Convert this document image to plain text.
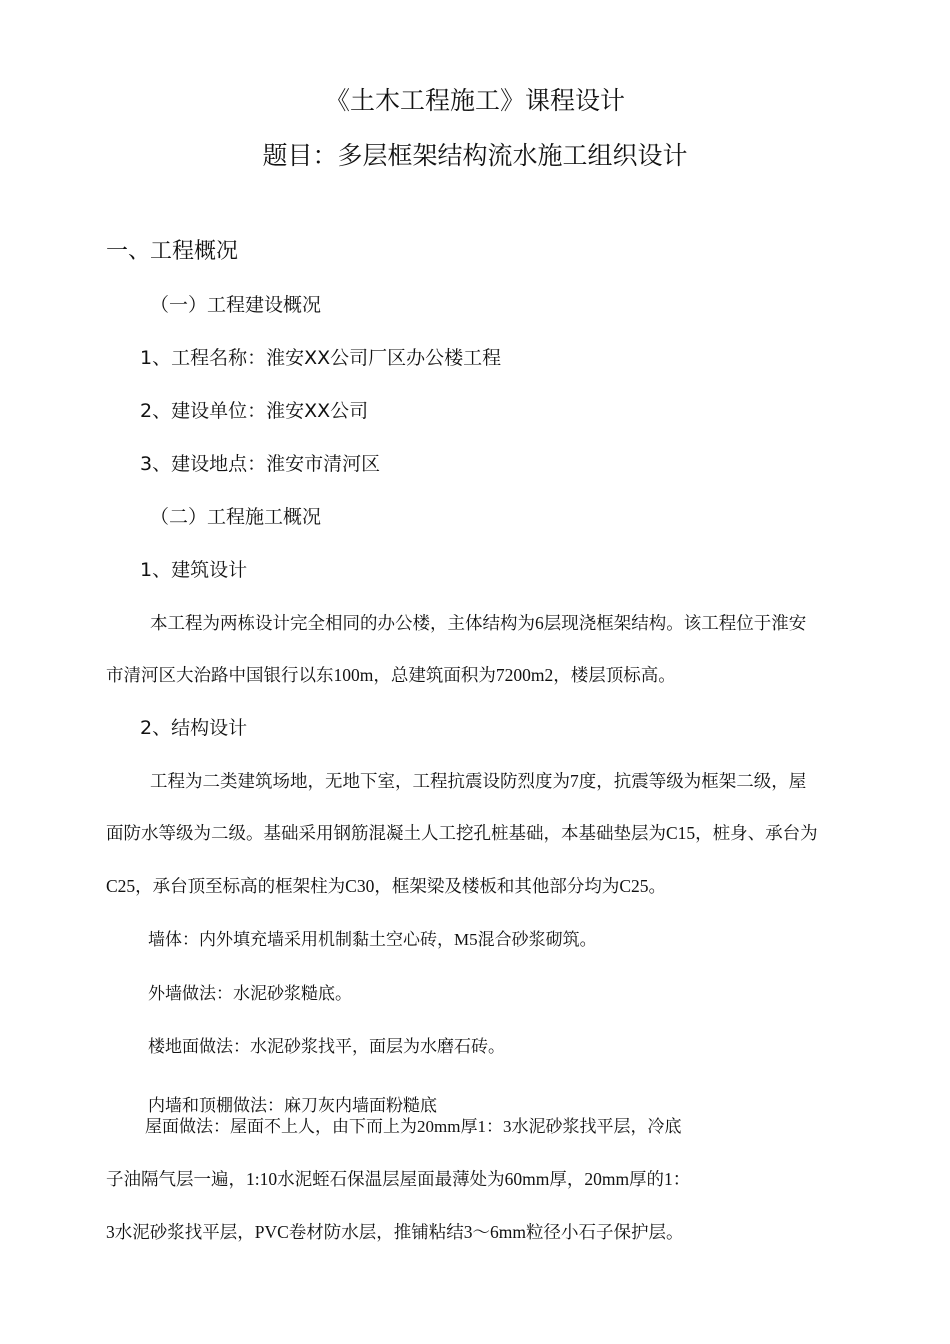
《土木工程施工》课程设计
题目：多层框架结构流水施工组织设计
一、工程概况
（一）工程建设概况
1、工程名称：淮安XX公司厂区办公楼工程
2、建设单位：淮安XX公司
3、建设地点：淮安市清河区
（二）工程施工概况
1、建筑设计
本工程为两栋设计完全相同的办公楼，主体结构为6层现浇框架结构。该工程位于淮安
市清河区大治路中国银行以东100m，总建筑面积为7200m2，楼层顶标高。
2、结构设计
工程为二类建筑场地，无地下室，工程抗震设防烈度为7度，抗震等级为框架二级，屋
面防水等级为二级。基础采用钢筋混凝土人工挖孔桩基础，本基础垫层为C15，桩身、承台为
C25，承台顶至标高的框架柱为C30，框架梁及楼板和其他部分均为C25。
墙体：内外填充墙采用机制黏土空心砖，M5混合砂浆砌筑。
外墙做法：水泥砂浆糙底。
楼地面做法：水泥砂浆找平，面层为水磨石砖。
内墙和顶棚做法：麻刀灰内墙面粉糙底
屋面做法：屋面不上人，由下而上为20mm厚1：3水泥砂浆找平层，冷底
子油隔气层一遍，1:10水泥蛭石保温层屋面最薄处为60mm厚，20mm厚的1：
3水泥砂浆找平层，PVC卷材防水层，推铺粘结3〜6mm粒径小石子保护层。
